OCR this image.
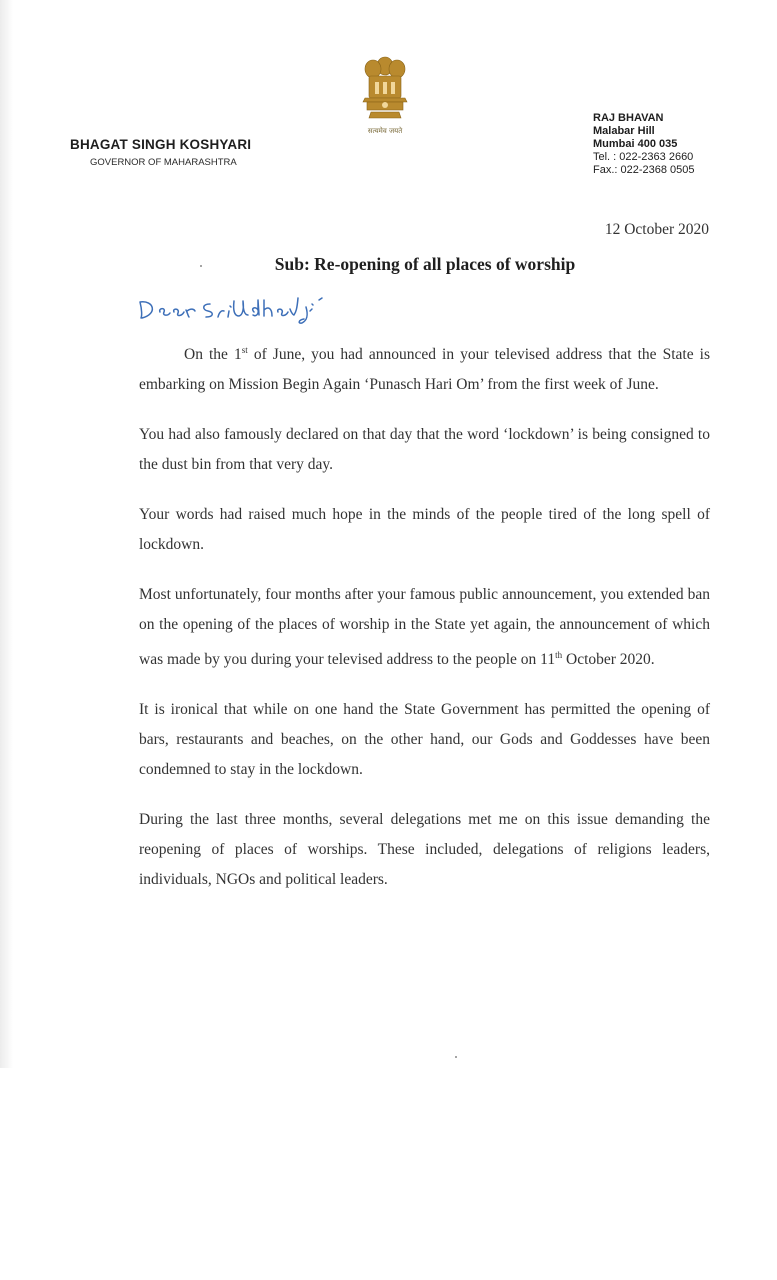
सत्यमेव जयते
BHAGAT SINGH KOSHYARI
GOVERNOR OF MAHARASHTRA
RAJ BHAVAN
Malabar Hill
Mumbai 400 035
Tel. : 022-2363 2660
Fax.: 022-2368 0505
12 October 2020
Sub: Re-opening of all places of worship

On the 1st of June, you had announced in your televised address that the State is embarking on Mission Begin Again ‘Punasch Hari Om’ from the first week of June.

You had also famously declared on that day that the word ‘lockdown’ is being consigned to the dust bin from that very day.

Your words had raised much hope in the minds of the people tired of the long spell of lockdown.

Most unfortunately, four months after your famous public announcement, you extended ban on the opening of the places of worship in the State yet again, the announcement of which was made by you during your televised address to the people on 11th October 2020.

It is ironical that while on one hand the State Government has permitted the opening of bars, restaurants and beaches, on the other hand, our Gods and Goddesses have been condemned to stay in the lockdown.

During the last three months, several delegations met me on this issue demanding the reopening of places of worships. These included, delegations of religions leaders, individuals, NGOs and political leaders.
